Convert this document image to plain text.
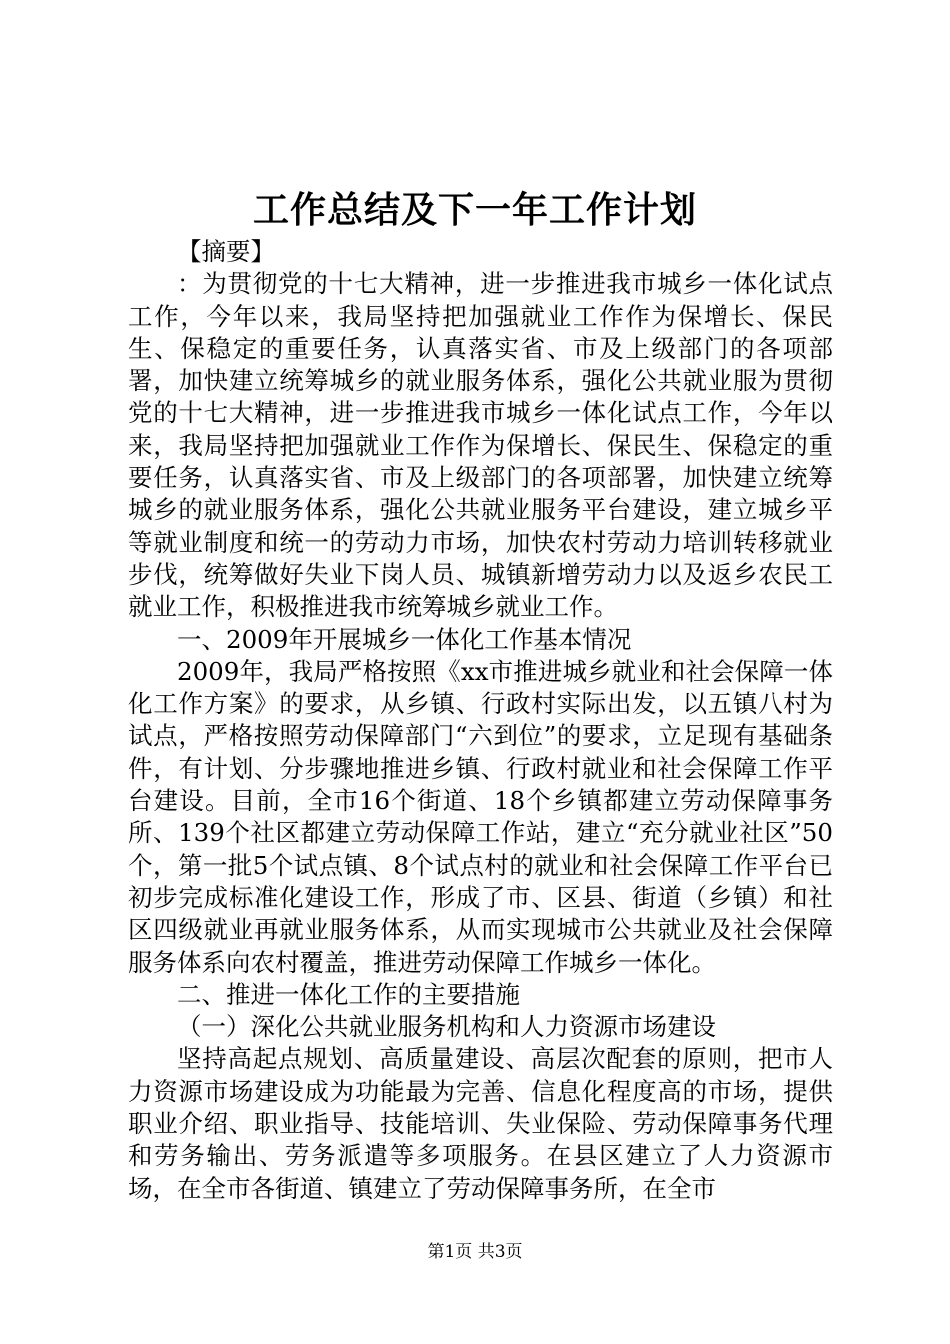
工作总结及下一年工作计划

【摘要】

：为贯彻党的十七大精神，进一步推进我市城乡一体化试点工作，今年以来，我局坚持把加强就业工作作为保增长、保民生、保稳定的重要任务，认真落实省、市及上级部门的各项部署，加快建立统筹城乡的就业服务体系，强化公共就业服为贯彻党的十七大精神，进一步推进我市城乡一体化试点工作，今年以来，我局坚持把加强就业工作作为保增长、保民生、保稳定的重要任务，认真落实省、市及上级部门的各项部署，加快建立统筹城乡的就业服务体系，强化公共就业服务平台建设，建立城乡平等就业制度和统一的劳动力市场，加快农村劳动力培训转移就业步伐，统筹做好失业下岗人员、城镇新增劳动力以及返乡农民工就业工作，积极推进我市统筹城乡就业工作。

一、2009年开展城乡一体化工作基本情况

2009年，我局严格按照《xx市推进城乡就业和社会保障一体化工作方案》的要求，从乡镇、行政村实际出发，以五镇八村为试点，严格按照劳动保障部门“六到位”的要求，立足现有基础条件，有计划、分步骤地推进乡镇、行政村就业和社会保障工作平台建设。目前，全市16个街道、18个乡镇都建立劳动保障事务所、139个社区都建立劳动保障工作站，建立“充分就业社区”50个，第一批5个试点镇、8个试点村的就业和社会保障工作平台已初步完成标准化建设工作，形成了市、区县、街道（乡镇）和社区四级就业再就业服务体系，从而实现城市公共就业及社会保障服务体系向农村覆盖，推进劳动保障工作城乡一体化。

二、推进一体化工作的主要措施

（一）深化公共就业服务机构和人力资源市场建设

坚持高起点规划、高质量建设、高层次配套的原则，把市人力资源市场建设成为功能最为完善、信息化程度高的市场，提供职业介绍、职业指导、技能培训、失业保险、劳动保障事务代理和劳务输出、劳务派遣等多项服务。在县区建立了人力资源市场，在全市各街道、镇建立了劳动保障事务所，在全市

第1页 共3页
